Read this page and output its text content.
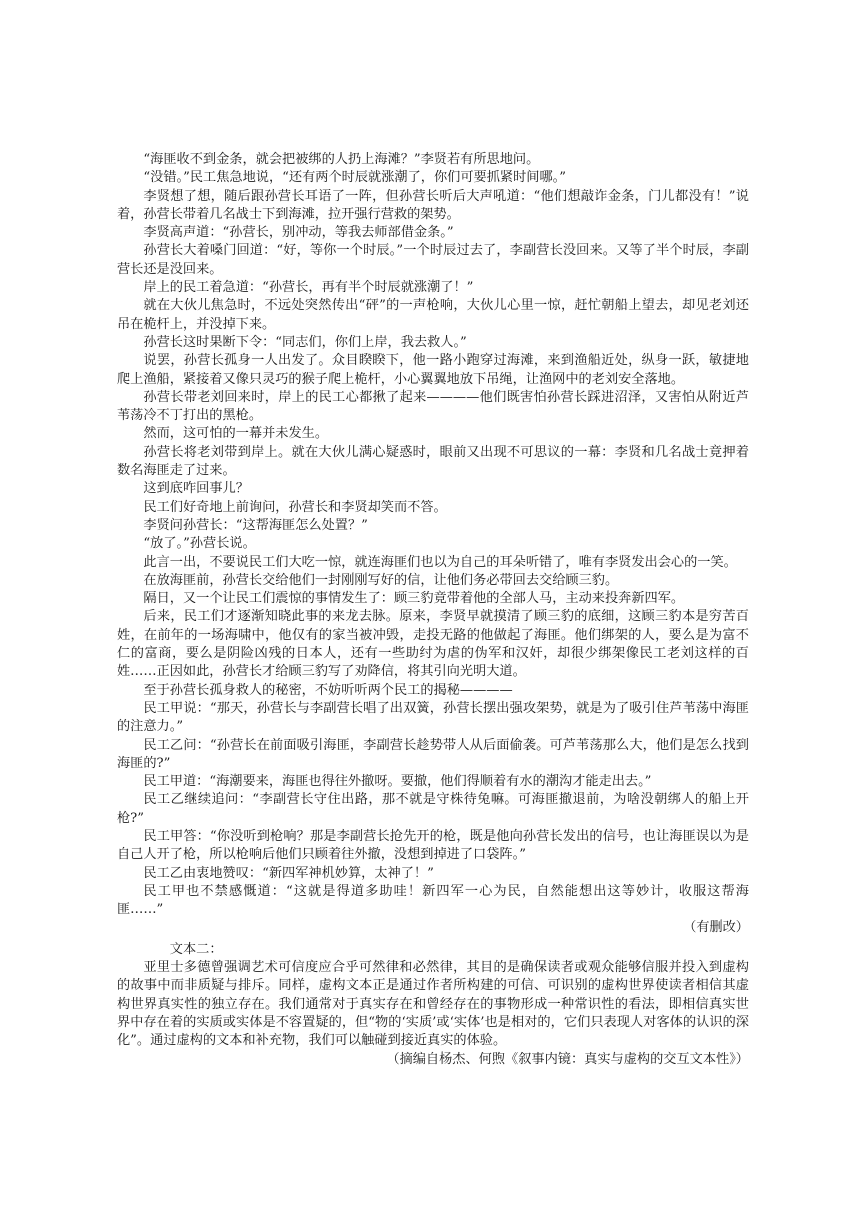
“海匪收不到金条，就会把被绑的人扔上海滩？”李贤若有所思地问。

“没错。”民工焦急地说，“还有两个时辰就涨潮了，你们可要抓紧时间哪。”

李贤想了想，随后跟孙营长耳语了一阵，但孙营长听后大声吼道：“他们想敲诈金条，门儿都没有！”说着，孙营长带着几名战士下到海滩，拉开强行营救的架势。

李贤高声道：“孙营长，别冲动，等我去师部借金条。”

孙营长大着嗓门回道：“好，等你一个时辰。”一个时辰过去了，李副营长没回来。又等了半个时辰，李副营长还是没回来。

岸上的民工着急道：“孙营长，再有半个时辰就涨潮了！”

就在大伙儿焦急时，不远处突然传出“砰”的一声枪响，大伙儿心里一惊，赶忙朝船上望去，却见老刘还吊在桅杆上，并没掉下来。

孙营长这时果断下令：“同志们，你们上岸，我去救人。”

说罢，孙营长孤身一人出发了。众目睽睽下，他一路小跑穿过海滩，来到渔船近处，纵身一跃，敏捷地爬上渔船，紧接着又像只灵巧的猴子爬上桅杆，小心翼翼地放下吊绳，让渔网中的老刘安全落地。

孙营长带老刘回来时，岸上的民工心都揪了起来————他们既害怕孙营长踩进沼泽，又害怕从附近芦苇荡冷不丁打出的黑枪。

然而，这可怕的一幕并未发生。

孙营长将老刘带到岸上。就在大伙儿满心疑惑时，眼前又出现不可思议的一幕：李贤和几名战士竟押着数名海匪走了过来。

这到底咋回事儿？

民工们好奇地上前询问，孙营长和李贤却笑而不答。

李贤问孙营长：“这帮海匪怎么处置？”

“放了。”孙营长说。

此言一出，不要说民工们大吃一惊，就连海匪们也以为自己的耳朵听错了，唯有李贤发出会心的一笑。

在放海匪前，孙营长交给他们一封刚刚写好的信，让他们务必带回去交给顾三豹。

隔日，又一个让民工们震惊的事情发生了：顾三豹竟带着他的全部人马，主动来投奔新四军。

后来，民工们才逐渐知晓此事的来龙去脉。原来，李贤早就摸清了顾三豹的底细，这顾三豹本是穷苦百姓，在前年的一场海啸中，他仅有的家当被冲毁，走投无路的他做起了海匪。他们绑架的人，要么是为富不仁的富商，要么是阴险凶残的日本人，还有一些助纣为虐的伪军和汉奸，却很少绑架像民工老刘这样的百姓……正因如此，孙营长才给顾三豹写了劝降信，将其引向光明大道。

至于孙营长孤身救人的秘密，不妨听听两个民工的揭秘————

民工甲说：“那天，孙营长与李副营长唱了出双簧，孙营长摆出强攻架势，就是为了吸引住芦苇荡中海匪的注意力。”

民工乙问：“孙营长在前面吸引海匪，李副营长趁势带人从后面偷袭。可芦苇荡那么大，他们是怎么找到海匪的?”

民工甲道：“海潮要来，海匪也得往外撤呀。要撤，他们得顺着有水的潮沟才能走出去。”

民工乙继续追问：“李副营长守住出路，那不就是守株待兔嘛。可海匪撤退前，为啥没朝绑人的船上开枪?”

民工甲答：“你没听到枪响？那是李副营长抢先开的枪，既是他向孙营长发出的信号，也让海匪误以为是自己人开了枪，所以枪响后他们只顾着往外撤，没想到掉进了口袋阵。”

民工乙由衷地赞叹：“新四军神机妙算，太神了！”

民工甲也不禁感慨道：“这就是得道多助哇！新四军一心为民，自然能想出这等妙计，收服这帮海匪……”

（有删改）

文本二：

亚里士多德曾强调艺术可信度应合乎可然律和必然律，其目的是确保读者或观众能够信服并投入到虚构的故事中而非质疑与排斥。同样，虚构文本正是通过作者所构建的可信、可识别的虚构世界使读者相信其虚构世界真实性的独立存在。我们通常对于真实存在和曾经存在的事物形成一种常识性的看法，即相信真实世界中存在着的实质或实体是不容置疑的，但“物的‘实质’或‘实体’也是相对的，它们只表现人对客体的认识的深化”。通过虚构的文本和补充物，我们可以触碰到接近真实的体验。

（摘编自杨杰、何煦《叙事内镜：真实与虚构的交互文本性》）
